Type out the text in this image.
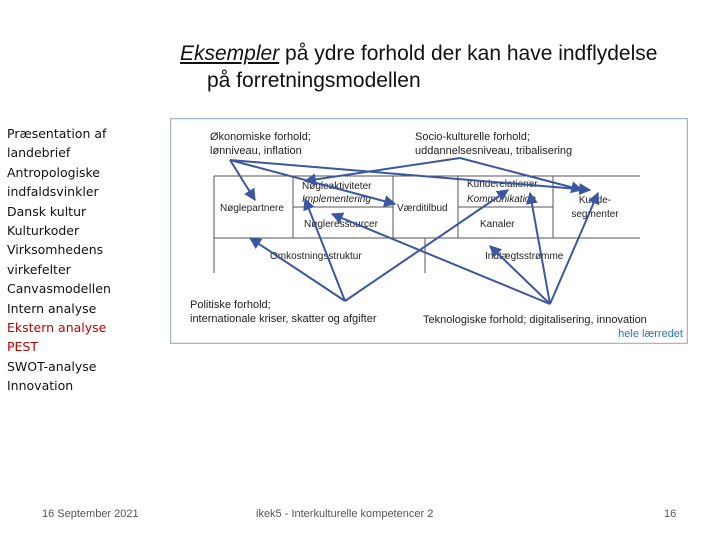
Eksempler på ydre forhold der kan have indflydelse
på forretningsmodellen
Præsentation af
landebrief
Antropologiske
indfaldsvinkler
Dansk kultur
Kulturkoder
Virksomhedens
virkefelter
Canvasmodellen
Intern analyse
Ekstern analyse
PEST
SWOT-analyse
Innovation
Økonomiske forhold;
lønniveau, inflation
Socio-kulturelle forhold;
uddannelsesniveau, tribalisering
Politiske forhold;
internationale kriser, skatter og afgifter	Teknologiske forhold; digitalisering, innovation
hele lærredet
Nøglepartnere
Nøgleaktiviteter
Implementering
Nøgleressourcer
Værditilbud
Kunderelationer
Kommunikation
Kanaler
Kunde-
segmenter
Omkostningsstruktur	Indtægtsstrømme
16 September 2021	ikek5 - Interkulturelle kompetencer 2	16
